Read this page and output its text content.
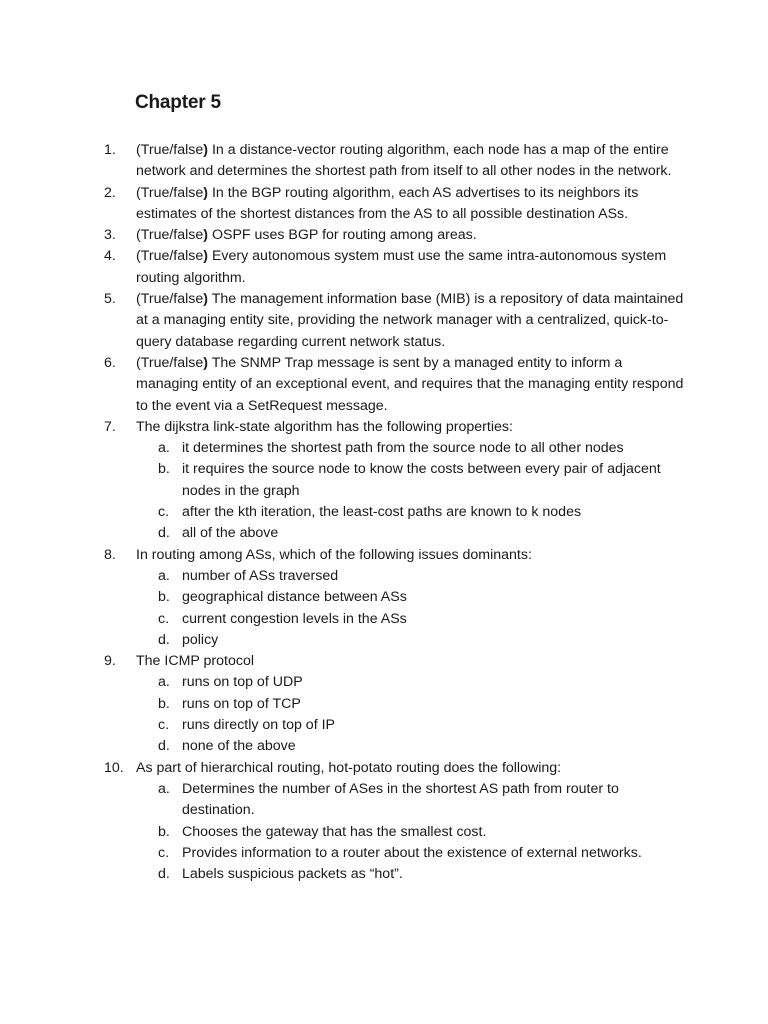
Chapter 5
1.	(True/false) In a distance-vector routing algorithm, each node has a map of the entire network and determines the shortest path from itself to all other nodes in the network.
2.	(True/false) In the BGP routing algorithm, each AS advertises to its neighbors its estimates of the shortest distances from the AS to all possible destination ASs.
3.	(True/false) OSPF uses BGP for routing among areas.
4.	(True/false) Every autonomous system must use the same intra-autonomous system routing algorithm.
5.	(True/false) The management information base (MIB) is a repository of data maintained at a managing entity site, providing the network manager with a centralized, quick-to-query database regarding current network status.
6.	(True/false) The SNMP Trap message is sent by a managed entity to inform a managing entity of an exceptional event, and requires that the managing entity respond to the event via a SetRequest message.
7.	The dijkstra link-state algorithm has the following properties:
a. it determines the shortest path from the source node to all other nodes
b. it requires the source node to know the costs between every pair of adjacent nodes in the graph
c. after the kth iteration, the least-cost paths are known to k nodes
d. all of the above
8.	In routing among ASs, which of the following issues dominants:
a. number of ASs traversed
b. geographical distance between ASs
c. current congestion levels in the ASs
d. policy
9.	The ICMP protocol
a. runs on top of UDP
b. runs on top of TCP
c. runs directly on top of IP
d. none of the above
10. As part of hierarchical routing, hot-potato routing does the following:
a. Determines the number of ASes in the shortest AS path from router to destination.
b. Chooses the gateway that has the smallest cost.
c. Provides information to a router about the existence of external networks.
d. Labels suspicious packets as “hot”.
